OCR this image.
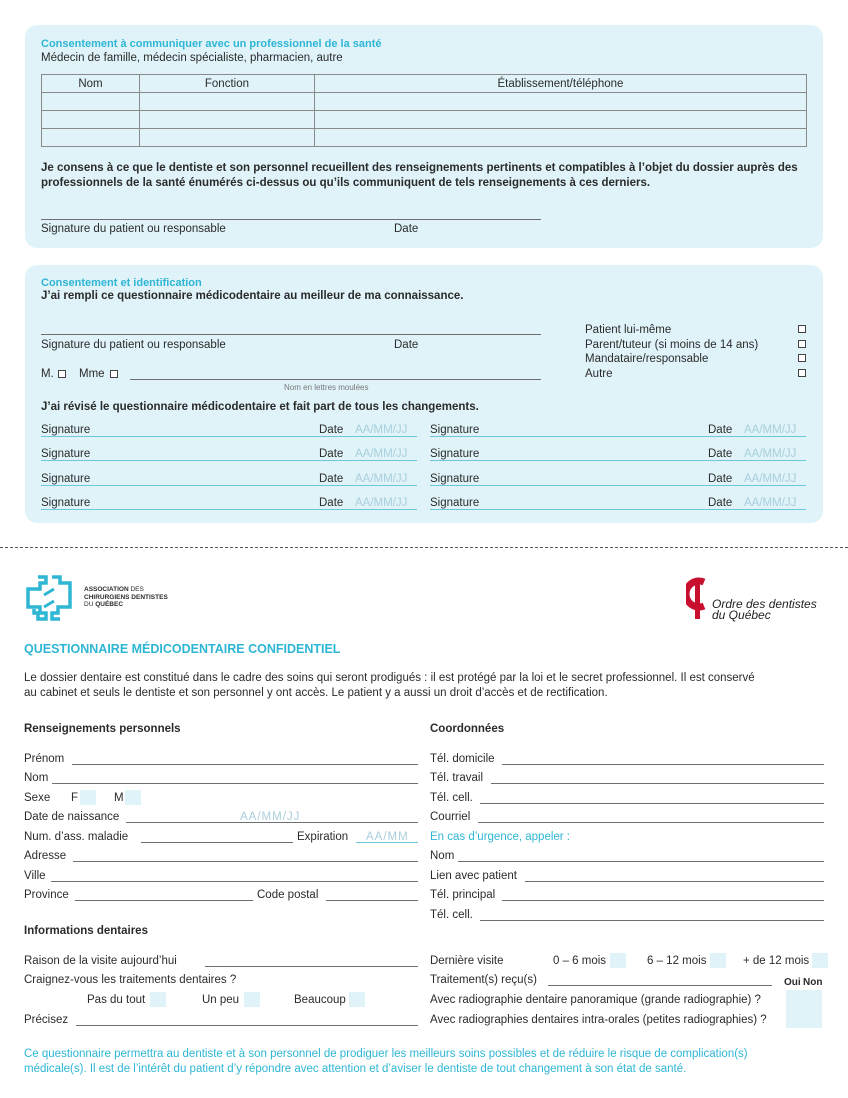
Consentement à communiquer avec un professionnel de la santé
Médecin de famille, médecin spécialiste, pharmacien, autre
Nom	Fonction	Établissement/téléphone

Je consens à ce que le dentiste et son personnel recueillent des renseignements pertinents et compatibles à l’objet du dossier auprès des
professionnels de la santé énumérés ci-dessus ou qu’ils communiquent de tels renseignements à ces derniers.
Signature du patient ou responsable	Date
Consentement et identification
J’ai rempli ce questionnaire médicodentaire au meilleur de ma connaissance.
Signature du patient ou responsable	Date
M. Mme
Nom en lettres moulées
Patient lui-même
Parent/tuteur (si moins de 14 ans)
Mandataire/responsable
Autre
J’ai révisé le questionnaire médicodentaire et fait part de tous les changements.
Signature	Date AA/MM/JJ
Signature	Date AA/MM/JJ
Signature	Date AA/MM/JJ
Signature	Date AA/MM/JJ
Signature	Date AA/MM/JJ
Signature	Date AA/MM/JJ
Signature	Date AA/MM/JJ
Signature	Date AA/MM/JJ
ASSOCIATION DES
CHIRURGIENS DENTISTES
DU QUÉBEC	Ordre des dentistes
du Québec
QUESTIONNAIRE MÉDICODENTAIRE CONFIDENTIEL
Le dossier dentaire est constitué dans le cadre des soins qui seront prodigués : il est protégé par la loi et le secret professionnel. Il est conservé
au cabinet et seuls le dentiste et son personnel y ont accès. Le patient y a aussi un droit d’accès et de rectification.
Renseignements personnels
Prénom
Nom
Sexe F	M
Date de naissance	AA/MM/JJ
Num. d’ass. maladie	Expiration AA/MM
Adresse
Ville
Province	Code postal
Coordonnées
Tél. domicile
Tél. travail
Tél. cell.
Courriel
En cas d’urgence, appeler :
Nom
Lien avec patient
Tél. principal
Tél. cell.
Informations dentaires
Raison de la visite aujourd’hui
Craignez-vous les traitements dentaires ?
Pas du tout	Un peu	Beaucoup
Précisez
Dernière visite	0 – 6 mois	6 – 12 mois	+ de 12 mois
Traitement(s) reçu(s)	Oui Non
Avec radiographie dentaire panoramique (grande radiographie) ?
Avec radiographies dentaires intra-orales (petites radiographies) ?
Ce questionnaire permettra au dentiste et à son personnel de prodiguer les meilleurs soins possibles et de réduire le risque de complication(s)
médicale(s). Il est de l’intérêt du patient d’y répondre avec attention et d’aviser le dentiste de tout changement à son état de santé.
